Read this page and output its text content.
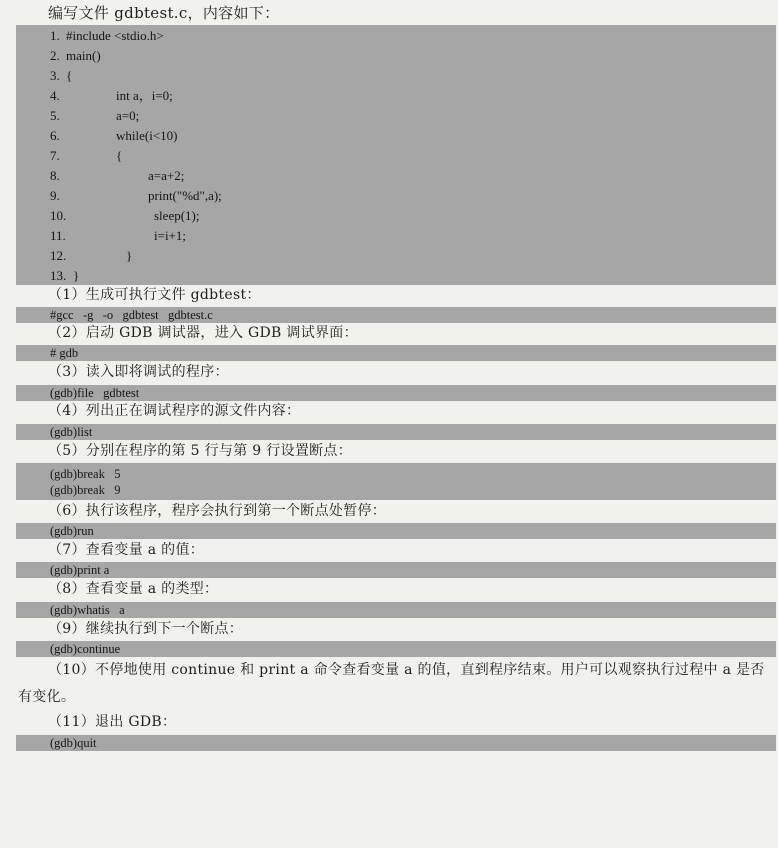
编写文件 gdbtest.c，内容如下：
1. #include <stdio.h>
2. main()
3. {
4.	int a，i=0;
5.	a=0;
6.	while(i<10)
7.	{
8.	a=a+2;
9.	print("%d",a);
10.	sleep(1);
11.	i=i+1;
12.	}
13. }
（1）生成可执行文件 gdbtest：
#gcc   -g   -o   gdbtest   gdbtest.c
（2）启动 GDB 调试器，进入 GDB 调试界面：
# gdb
（3）读入即将调试的程序：
(gdb)file   gdbtest
（4）列出正在调试程序的源文件内容：
(gdb)list
（5）分别在程序的第 5 行与第 9 行设置断点：
(gdb)break   5
(gdb)break   9
（6）执行该程序，程序会执行到第一个断点处暂停：
(gdb)run
（7）查看变量 a 的值：
(gdb)print a
（8）查看变量 a 的类型：
(gdb)whatis   a
（9）继续执行到下一个断点：
(gdb)continue
（10）不停地使用 continue 和 print a 命令查看变量 a 的值，直到程序结束。用户可以观察执行过程中 a 是否有变化。
（11）退出 GDB：
(gdb)quit
